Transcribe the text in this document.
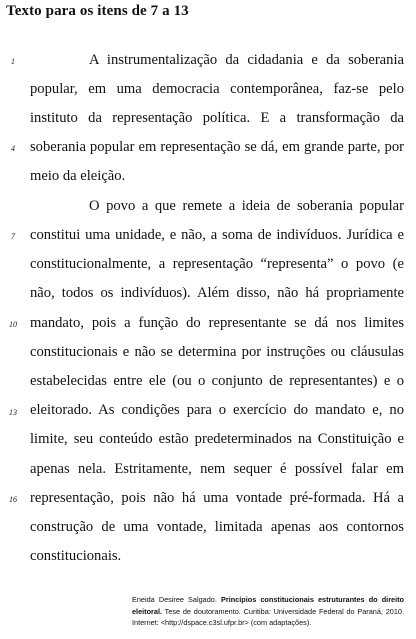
Texto para os itens de 7 a 13
1
4
7
10
13
16
A instrumentalização da cidadania e da soberania
popular, em uma democracia contemporânea, faz-se pelo
instituto da representação política. E a transformação da
soberania popular em representação se dá, em grande parte, por
meio da eleição.
O povo a que remete a ideia de soberania popular
constitui uma unidade, e não, a soma de indivíduos. Jurídica e
constitucionalmente, a representação “representa” o povo (e
não, todos os indivíduos). Além disso, não há propriamente
mandato, pois a função do representante se dá nos limites
constitucionais e não se determina por instruções ou cláusulas
estabelecidas entre ele (ou o conjunto de representantes) e o
eleitorado. As condições para o exercício do mandato e, no
limite, seu conteúdo estão predeterminados na Constituição e
apenas nela. Estritamente, nem sequer é possível falar em
representação, pois não há uma vontade pré-formada. Há a
construção de uma vontade, limitada apenas aos contornos
constitucionais.
Eneida Desiree Salgado. Princípios constitucionais estruturantes do direito eleitoral. Tese de doutoramento. Curitiba: Universidade Federal do Paraná, 2010. Internet: <http://dspace.c3sl.ufpr.br> (com adaptações).
